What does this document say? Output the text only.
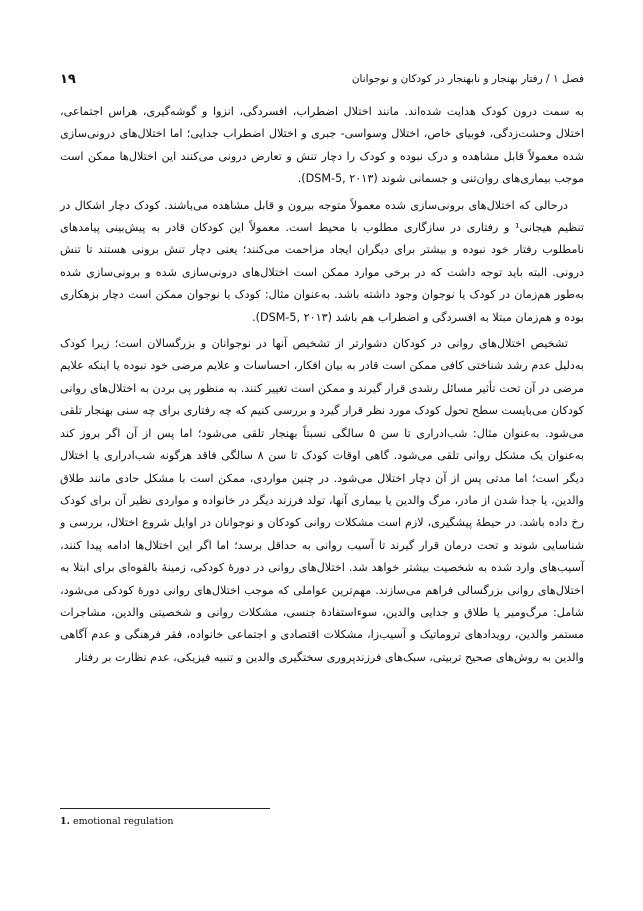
فصل ۱ / رفتار بهنجار و نابهنجار در کودکان و نوجوانان
۱۹

به سمت درون کودک هدایت شده‌اند. مانند اختلال اضطراب، افسردگی، انزوا و گوشه‌گیری، هراس اجتماعی، اختلال وحشت‌زدگی، فوبیای خاص، اختلال وسواسی- جبری و اختلال اضطراب جدایی؛ اما اختلال‌های درونی‌سازی شده معمولاً قابل مشاهده و درک نبوده و کودک را دچار تنش و تعارض درونی می‌کنند این اختلال‌ها ممکن است موجب بیماری‌های روان‌تنی و جسمانی شوند (DSM-5, ۲۰۱۳).

درحالی که اختلال‌های برونی‌سازی شده معمولاً متوجه بیرون و قابل مشاهده می‌باشند. کودک دچار اشکال در تنظیم هیجانی¹ و رفتاری در سازگاری مطلوب با محیط است. معمولاً این کودکان قادر به پیش‌بینی پیامدهای نامطلوب رفتار خود نبوده و بیشتر برای دیگران ایجاد مزاحمت می‌کنند؛ یعنی دچار تنش برونی هستند تا تنش درونی. البته باید توجه داشت که در برخی موارد ممکن است اختلال‌های درونی‌سازی شده و برونی‌سازی شده به‌طور هم‌زمان در کودک یا نوجوان وجود داشته باشد. به‌عنوان مثال: کودک یا نوجوان ممکن است دچار بزهکاری بوده و هم‌زمان مبتلا به افسردگی و اضطراب هم باشد (DSM-5, ۲۰۱۳).

تشخیص اختلال‌های روانی در کودکان دشوارتر از تشخیص آنها در نوجوانان و بزرگسالان است؛ زیرا کودک به‌دلیل عدم رشد شناختی کافی ممکن است قادر به بیان افکار، احساسات و علایم مرضی خود نبوده یا اینکه علایم مرضی در آن تحت تأثیر مسائل رشدی قرار گیرند و ممکن است تغییر کنند. به منظور پی بردن به اختلال‌های روانی کودکان می‌بایست سطح تحول کودک مورد نظر قرار گیرد و بررسی کنیم که چه رفتاری برای چه سنی بهنجار تلقی می‌شود. به‌عنوان مثال: شب‌ادراری تا سن ۵ سالگی نسبتاً بهنجار تلقی می‌شود؛ اما پس از آن اگر بروز کند به‌عنوان یک مشکل روانی تلقی می‌شود. گاهی اوقات کودک تا سن ۸ سالگی فاقد هرگونه شب‌ادراری یا اختلال دیگر است؛ اما مدتی پس از آن دچار اختلال می‌شود. در چنین مواردی، ممکن است با مشکل حادی مانند طلاق والدین، یا جدا شدن از مادر، مرگ والدین یا بیماری آنها، تولد فرزند دیگر در خانواده و مواردی نظیر آن برای کودک رخ داده باشد. در حیطهٔ پیشگیری، لازم است مشکلات روانی کودکان و نوجوانان در اوایل شروع اختلال، بررسی و شناسایی شوند و تحت درمان قرار گیرند تا آسیب روانی به حداقل برسد؛ اما اگر این اختلال‌ها ادامه پیدا کنند، آسیب‌های وارد شده به شخصیت بیشتر خواهد شد. اختلال‌های روانی در دورهٔ کودکی، زمینهٔ بالقوه‌ای برای ابتلا به اختلال‌های روانی بزرگسالی فراهم می‌سازند. مهم‌ترین عواملی که موجب اختلال‌های روانی دورهٔ کودکی می‌شود، شامل: مرگ‌ومیر یا طلاق و جدایی والدین، سوءاستفادهٔ جنسی، مشکلات روانی و شخصیتی والدین، مشاجرات مستمر والدین، رویدادهای تروماتیک و آسیب‌زا، مشکلات اقتصادی و اجتماعی خانواده، فقر فرهنگی و عدم آگاهی والدین به روش‌های صحیح تربیتی، سبک‌های فرزندپروری سختگیری والدین و تنبیه فیزیکی، عدم نظارت بر رفتار

1. emotional regulation
